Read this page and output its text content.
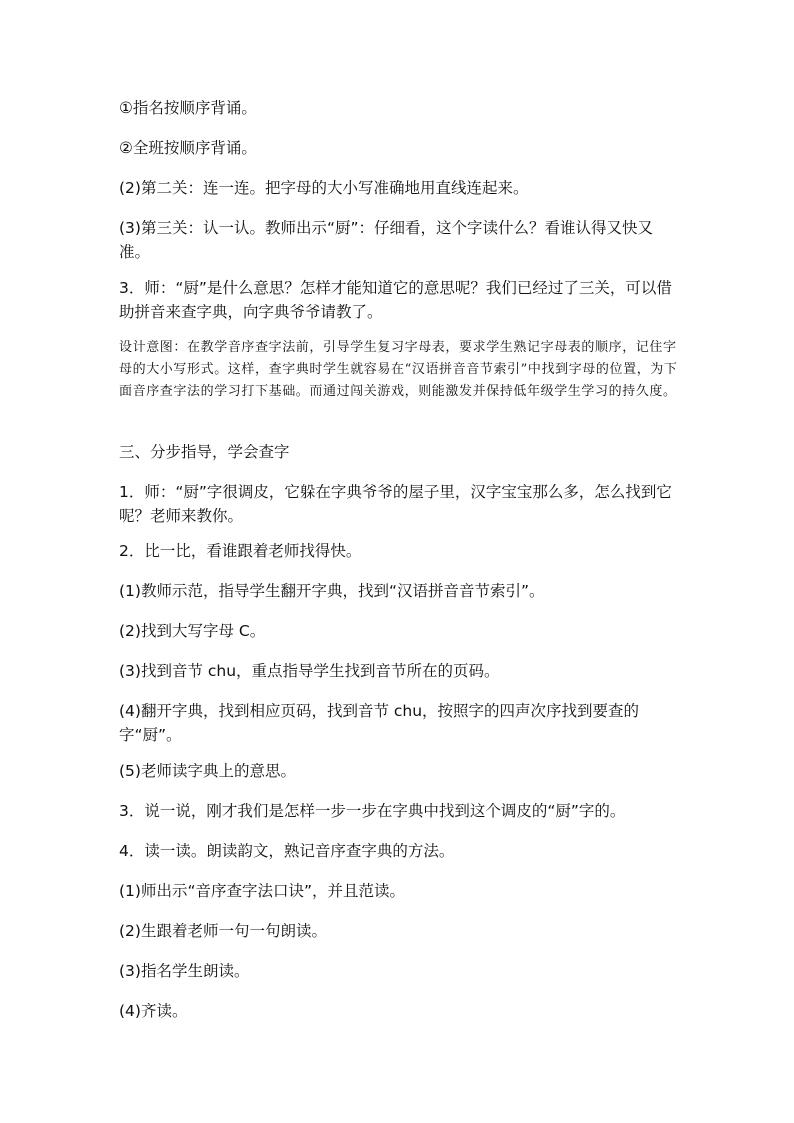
①指名按顺序背诵。

②全班按顺序背诵。

(2)第二关：连一连。把字母的大小写准确地用直线连起来。

(3)第三关：认一认。教师出示“厨”：仔细看，这个字读什么？看谁认得又快又准。

3．师：“厨”是什么意思？怎样才能知道它的意思呢？我们已经过了三关，可以借助拼音来查字典，向字典爷爷请教了。

设计意图：在教学音序查字法前，引导学生复习字母表，要求学生熟记字母表的顺序，记住字母的大小写形式。这样，查字典时学生就容易在“汉语拼音音节索引”中找到字母的位置，为下面音序查字法的学习打下基础。而通过闯关游戏，则能激发并保持低年级学生学习的持久度。

三、分步指导，学会查字

1．师：“厨”字很调皮，它躲在字典爷爷的屋子里，汉字宝宝那么多，怎么找到它呢？老师来教你。

2．比一比，看谁跟着老师找得快。

(1)教师示范，指导学生翻开字典，找到“汉语拼音音节索引”。

(2)找到大写字母 C。

(3)找到音节 chu，重点指导学生找到音节所在的页码。

(4)翻开字典，找到相应页码，找到音节 chu，按照字的四声次序找到要查的字“厨”。

(5)老师读字典上的意思。

3．说一说，刚才我们是怎样一步一步在字典中找到这个调皮的“厨”字的。

4．读一读。朗读韵文，熟记音序查字典的方法。

(1)师出示“音序查字法口诀”，并且范读。

(2)生跟着老师一句一句朗读。

(3)指名学生朗读。

(4)齐读。
